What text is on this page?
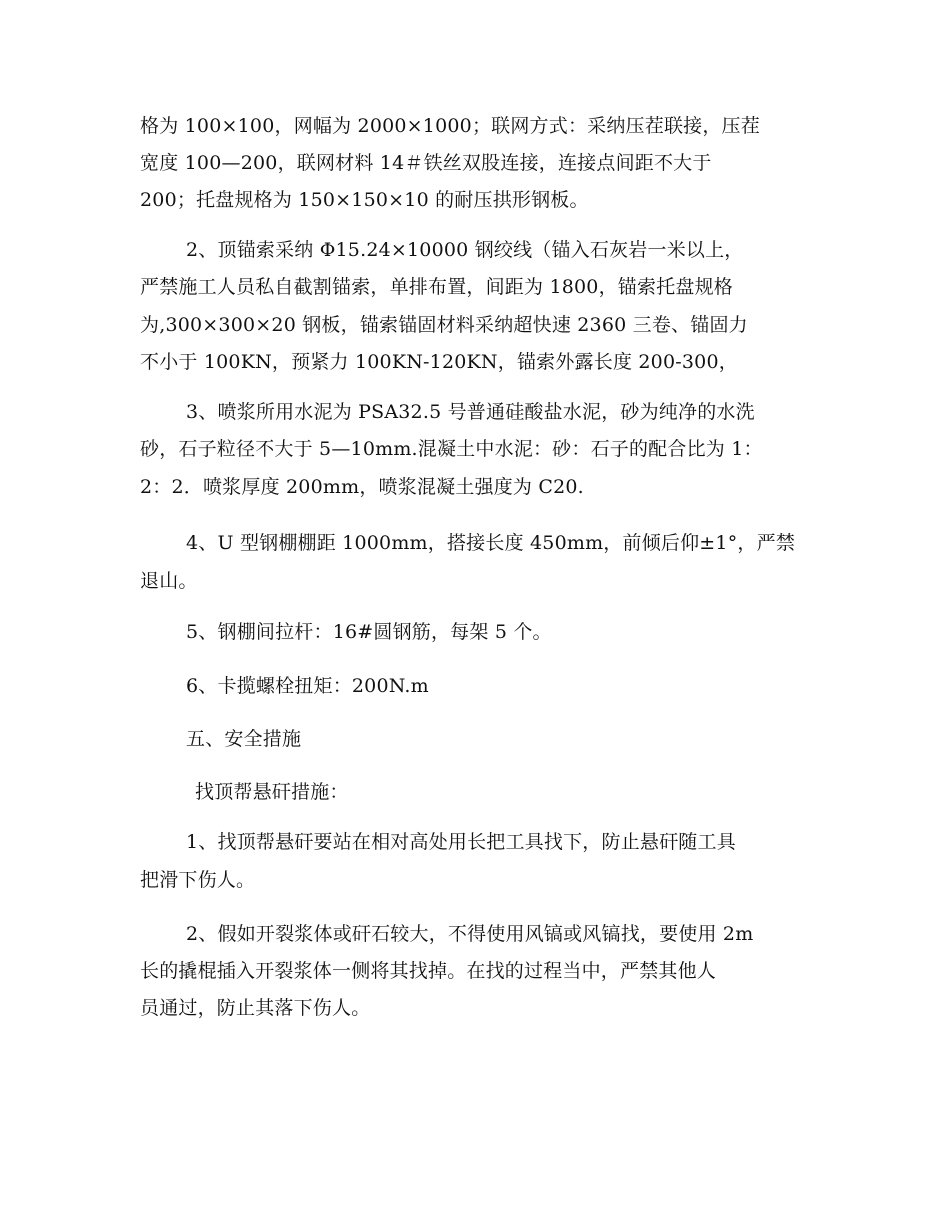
格为 100×100，网幅为 2000×1000；联网方式：采纳压茬联接，压茬
宽度 100—200，联网材料 14＃铁丝双股连接，连接点间距不大于
200；托盘规格为 150×150×10 的耐压拱形钢板。
2、顶锚索采纳 Φ15.24×10000 钢绞线（锚入石灰岩一米以上，
严禁施工人员私自截割锚索，单排布置，间距为 1800，锚索托盘规格
为,300×300×20 钢板，锚索锚固材料采纳超快速 2360 三卷、锚固力
不小于 100KN，预紧力 100KN-120KN，锚索外露长度 200-300，
3、喷浆所用水泥为 PSA32.5 号普通硅酸盐水泥，砂为纯净的水洗
砂，石子粒径不大于 5—10mm.混凝土中水泥：砂：石子的配合比为 1：
2：2．喷浆厚度 200mm，喷浆混凝土强度为 C20.
4、U 型钢棚棚距 1000mm，搭接长度 450mm，前倾后仰±1°，严禁
退山。
5、钢棚间拉杆：16#圆钢筋，每架 5 个。
6、卡揽螺栓扭矩：200N.m
五、安全措施
找顶帮悬矸措施：
1、找顶帮悬矸要站在相对高处用长把工具找下，防止悬矸随工具
把滑下伤人。
2、假如开裂浆体或矸石较大，不得使用风镐或风镐找，要使用 2m
长的撬棍插入开裂浆体一侧将其找掉。在找的过程当中，严禁其他人
员通过，防止其落下伤人。
